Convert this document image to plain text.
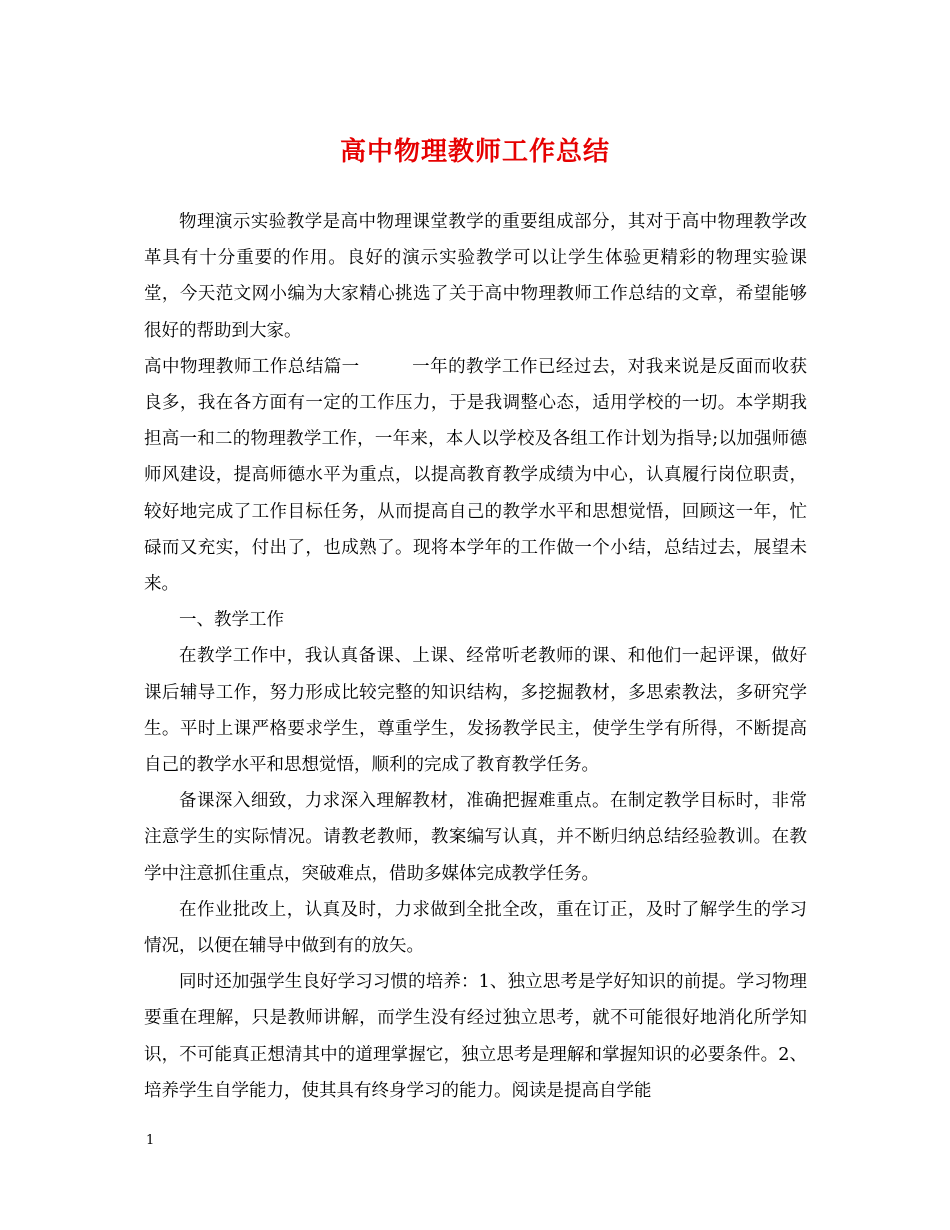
高中物理教师工作总结

物理演示实验教学是高中物理课堂教学的重要组成部分，其对于高中物理教学改革具有十分重要的作用。良好的演示实验教学可以让学生体验更精彩的物理实验课堂，今天范文网小编为大家精心挑选了关于高中物理教师工作总结的文章，希望能够很好的帮助到大家。

高中物理教师工作总结篇一	一年的教学工作已经过去，对我来说是反面而收获良多，我在各方面有一定的工作压力，于是我调整心态，适用学校的一切。本学期我担高一和二的物理教学工作，一年来，本人以学校及各组工作计划为指导;以加强师德师风建设，提高师德水平为重点，以提高教育教学成绩为中心，认真履行岗位职责，较好地完成了工作目标任务，从而提高自己的教学水平和思想觉悟，回顾这一年，忙碌而又充实，付出了，也成熟了。现将本学年的工作做一个小结，总结过去，展望未来。

一、教学工作

在教学工作中，我认真备课、上课、经常听老教师的课、和他们一起评课，做好课后辅导工作，努力形成比较完整的知识结构，多挖掘教材，多思索教法，多研究学生。平时上课严格要求学生，尊重学生，发扬教学民主，使学生学有所得，不断提高自己的教学水平和思想觉悟，顺利的完成了教育教学任务。

备课深入细致，力求深入理解教材，准确把握难重点。在制定教学目标时，非常注意学生的实际情况。请教老教师，教案编写认真，并不断归纳总结经验教训。在教学中注意抓住重点，突破难点，借助多媒体完成教学任务。

在作业批改上，认真及时，力求做到全批全改，重在订正，及时了解学生的学习情况，以便在辅导中做到有的放矢。

同时还加强学生良好学习习惯的培养：1、独立思考是学好知识的前提。学习物理要重在理解，只是教师讲解，而学生没有经过独立思考，就不可能很好地消化所学知识，不可能真正想清其中的道理掌握它，独立思考是理解和掌握知识的必要条件。2、培养学生自学能力，使其具有终身学习的能力。阅读是提高自学能

1
